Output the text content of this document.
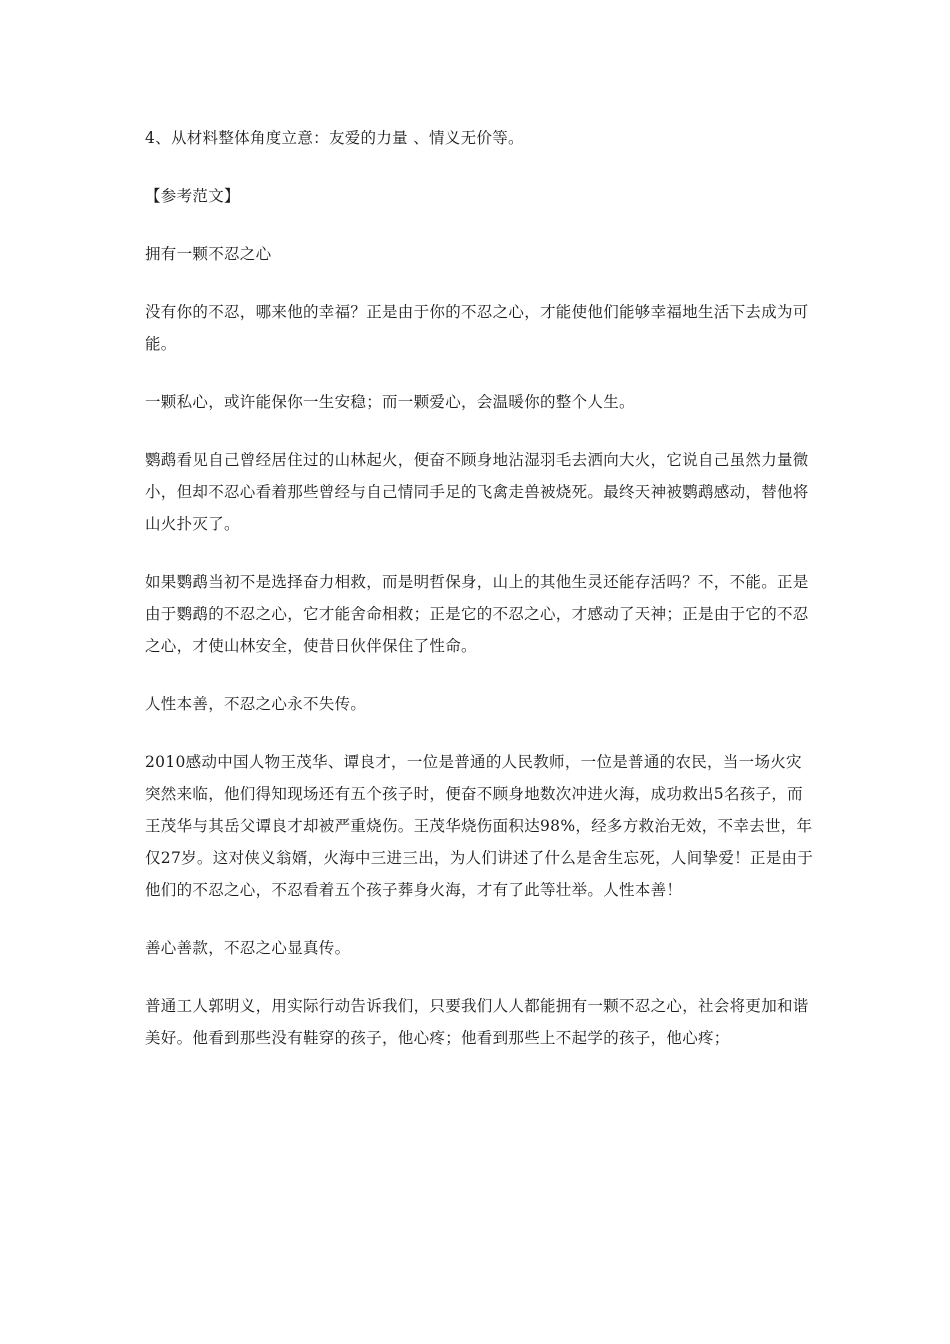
4、从材料整体角度立意：友爱的力量 、情义无价等。

【参考范文】

拥有一颗不忍之心

没有你的不忍，哪来他的幸福？正是由于你的不忍之心，才能使他们能够幸福地生活下去成为可能。

一颗私心，或许能保你一生安稳；而一颗爱心，会温暖你的整个人生。

鹦鹉看见自己曾经居住过的山林起火，便奋不顾身地沾湿羽毛去洒向大火，它说自己虽然力量微小，但却不忍心看着那些曾经与自己情同手足的飞禽走兽被烧死。最终天神被鹦鹉感动，替他将山火扑灭了。

如果鹦鹉当初不是选择奋力相救，而是明哲保身，山上的其他生灵还能存活吗？不，不能。正是由于鹦鹉的不忍之心，它才能舍命相救；正是它的不忍之心，才感动了天神；正是由于它的不忍之心，才使山林安全，使昔日伙伴保住了性命。

人性本善，不忍之心永不失传。

2010感动中国人物王茂华、谭良才，一位是普通的人民教师，一位是普通的农民，当一场火灾突然来临，他们得知现场还有五个孩子时，便奋不顾身地数次冲进火海，成功救出5名孩子，而王茂华与其岳父谭良才却被严重烧伤。王茂华烧伤面积达98%，经多方救治无效，不幸去世，年仅27岁。这对侠义翁婿，火海中三进三出，为人们讲述了什么是舍生忘死，人间挚爱！正是由于他们的不忍之心，不忍看着五个孩子葬身火海，才有了此等壮举。人性本善！

善心善款，不忍之心显真传。

普通工人郭明义，用实际行动告诉我们，只要我们人人都能拥有一颗不忍之心，社会将更加和谐美好。他看到那些没有鞋穿的孩子，他心疼；他看到那些上不起学的孩子，他心疼；
